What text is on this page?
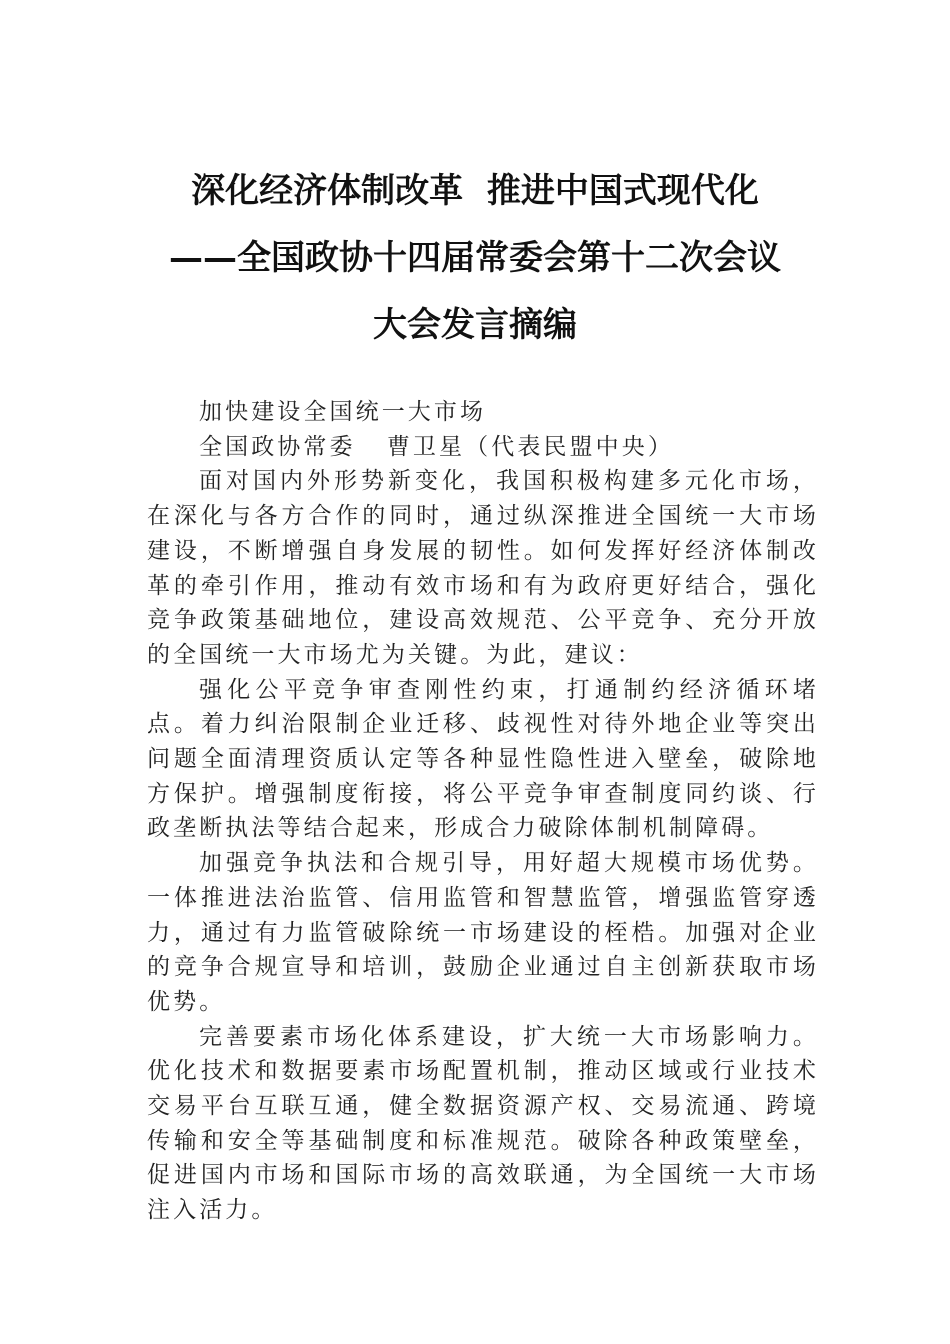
深化经济体制改革  推进中国式现代化
——全国政协十四届常委会第十二次会议
大会发言摘编

加快建设全国统一大市场

全国政协常委   曹卫星（代表民盟中央）

面对国内外形势新变化，我国积极构建多元化市场，在深化与各方合作的同时，通过纵深推进全国统一大市场建设，不断增强自身发展的韧性。如何发挥好经济体制改革的牵引作用，推动有效市场和有为政府更好结合，强化竞争政策基础地位，建设高效规范、公平竞争、充分开放的全国统一大市场尤为关键。为此，建议：

强化公平竞争审查刚性约束，打通制约经济循环堵点。着力纠治限制企业迁移、歧视性对待外地企业等突出问题全面清理资质认定等各种显性隐性进入壁垒，破除地方保护。增强制度衔接，将公平竞争审查制度同约谈、行政垄断执法等结合起来，形成合力破除体制机制障碍。

加强竞争执法和合规引导，用好超大规模市场优势。一体推进法治监管、信用监管和智慧监管，增强监管穿透力，通过有力监管破除统一市场建设的桎梏。加强对企业的竞争合规宣导和培训，鼓励企业通过自主创新获取市场优势。

完善要素市场化体系建设，扩大统一大市场影响力。优化技术和数据要素市场配置机制，推动区域或行业技术交易平台互联互通，健全数据资源产权、交易流通、跨境传输和安全等基础制度和标准规范。破除各种政策壁垒，促进国内市场和国际市场的高效联通，为全国统一大市场注入活力。
